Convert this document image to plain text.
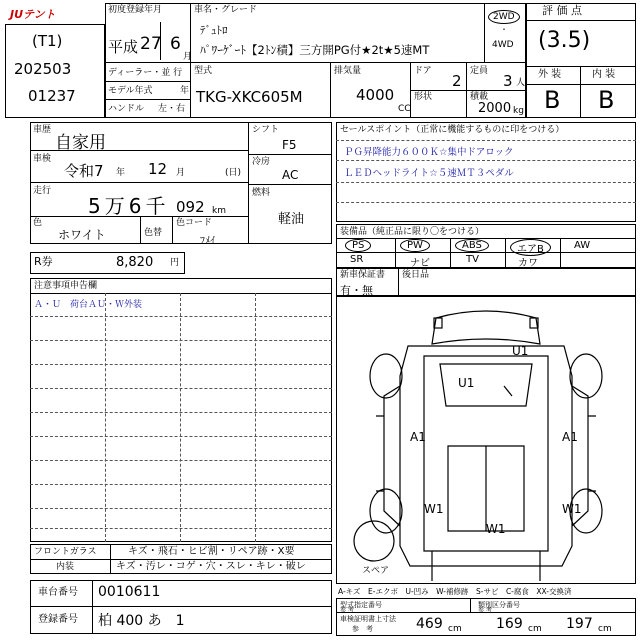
JUテント
(T1)
202503
01237
初度登録年月
平成 27 6
月
車名・グレード
ﾃﾞｭﾄﾛ
ﾊﾟﾜｰｹﾞｰﾄ【2ﾄﾝ積】三方開PG付★2t★5速MT
2WD
・
4WD
ディーラー・並 行
モデル年式	年
ハンドル 左・右
型式
TKG-XKC605M
排気量
4000
CC
ドア
2
形状
定員
3 人
積載
2000 kg
評 価 点
(3.5)
外 装	内 装
B B
車歴
自家用
車検
令和7 年 12 月	(日)
走行
5万6千 092 km
色
ホワイト	色替
色コード
ﾌﾒｲ
シフト
F5
冷房
AC
燃料
軽油
R券	8,820 円
セールスポイント（正常に機能するものに印をつける）
ＰＧ昇降能力６００Ｋ☆集中ドアロック
ＬＥＤヘッドライト☆５速ＭＴ３ペダル
装備品（純正品に限り〇をつける）
PS	PW	ABS	エアB	AW
SR	ナビ	TV	カワ
新車保証書
有・無
後日品
注意事項申告欄
Ａ・Ｕ　荷台ＡＵ・Ｗ外装
U1
U1
A1	A1
W1	W1
W1
スペア
フロントガラス	キズ・飛石・ヒビ割・リペア跡・X要
内装	キズ・汚レ・コゲ・穴・スレ・キレ・破レ
車台番号 0010611
登録番号 柏 400 あ　1
A-キズ　E-エクボ　U-凹み　W-補修跡　S-サビ　C-腐食　XX-交換済
型式指定番号
参 考
類別区分番号
参 考
車検証明書上寸法
参　考	469 cm 169 cm 197 cm
